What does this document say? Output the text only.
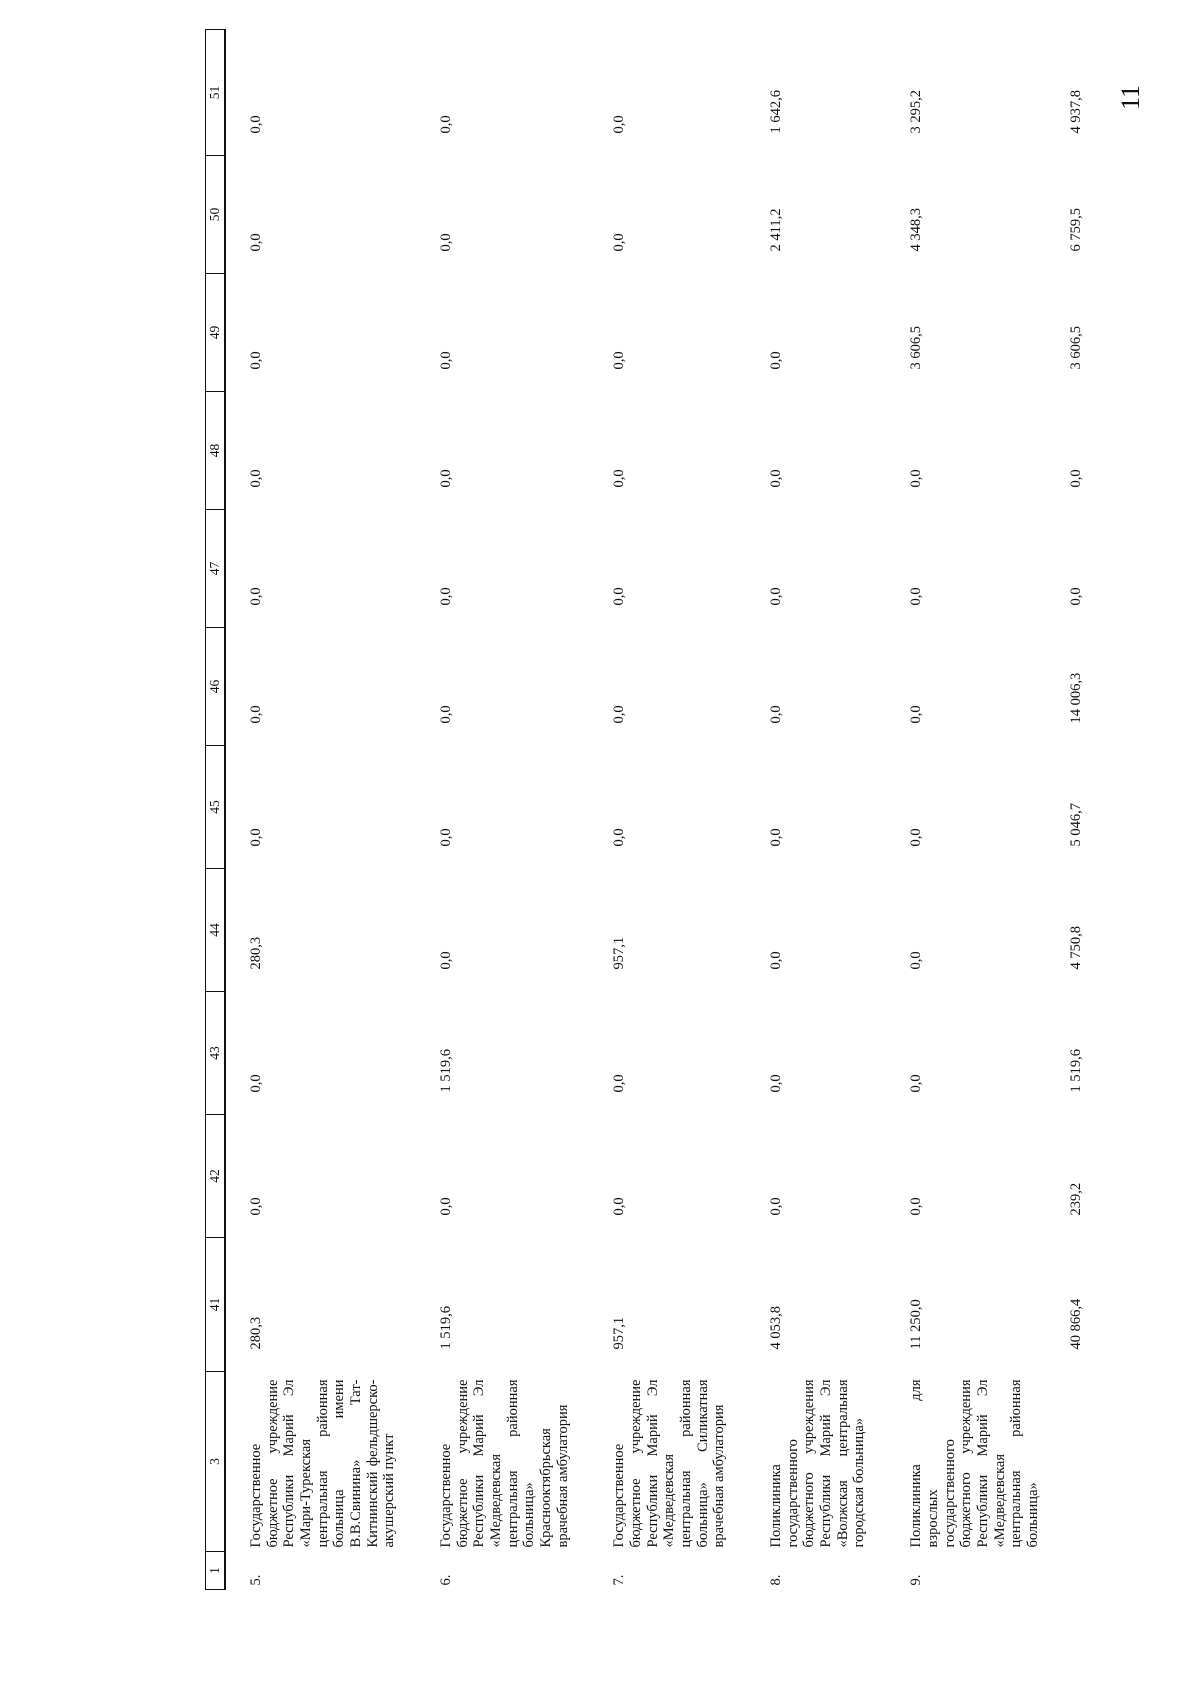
11
1	3	41	42	43	44	45	46	47	48	49	50	51
5.	Государственное бюджетное учреждение Республики Марий Эл «Мари-Турекская центральная районная больница имени В.В.Свинина» Тат-Китнинский фельдшерско-акушерский пункт	280,3	0,0	0,0	280,3	0,0	0,0	0,0	0,0	0,0	0,0	0,0
6.	Государственное бюджетное учреждение Республики Марий Эл «Медведевская центральная районная больница» Краснооктябрьская врачебная амбулатория	1 519,6	0,0	1 519,6	0,0	0,0	0,0	0,0	0,0	0,0	0,0	0,0
7.	Государственное бюджетное учреждение Республики Марий Эл «Медведевская центральная районная больница» Силикатная врачебная амбулатория	957,1	0,0	0,0	957,1	0,0	0,0	0,0	0,0	0,0	0,0	0,0
8.	Поликлиника государственного бюджетного учреждения Республики Марий Эл «Волжская центральная городская больница»	4 053,8	0,0	0,0	0,0	0,0	0,0	0,0	0,0	0,0	2 411,2	1 642,6
9.	Поликлиника для взрослых государственного бюджетного учреждения Республики Марий Эл «Медведевская центральная районная больница»	11 250,0	0,0	0,0	0,0	0,0	0,0	0,0	0,0	3 606,5	4 348,3	3 295,2
		40 866,4	239,2	1 519,6	4 750,8	5 046,7	14 006,3	0,0	0,0	3 606,5	6 759,5	4 937,8
